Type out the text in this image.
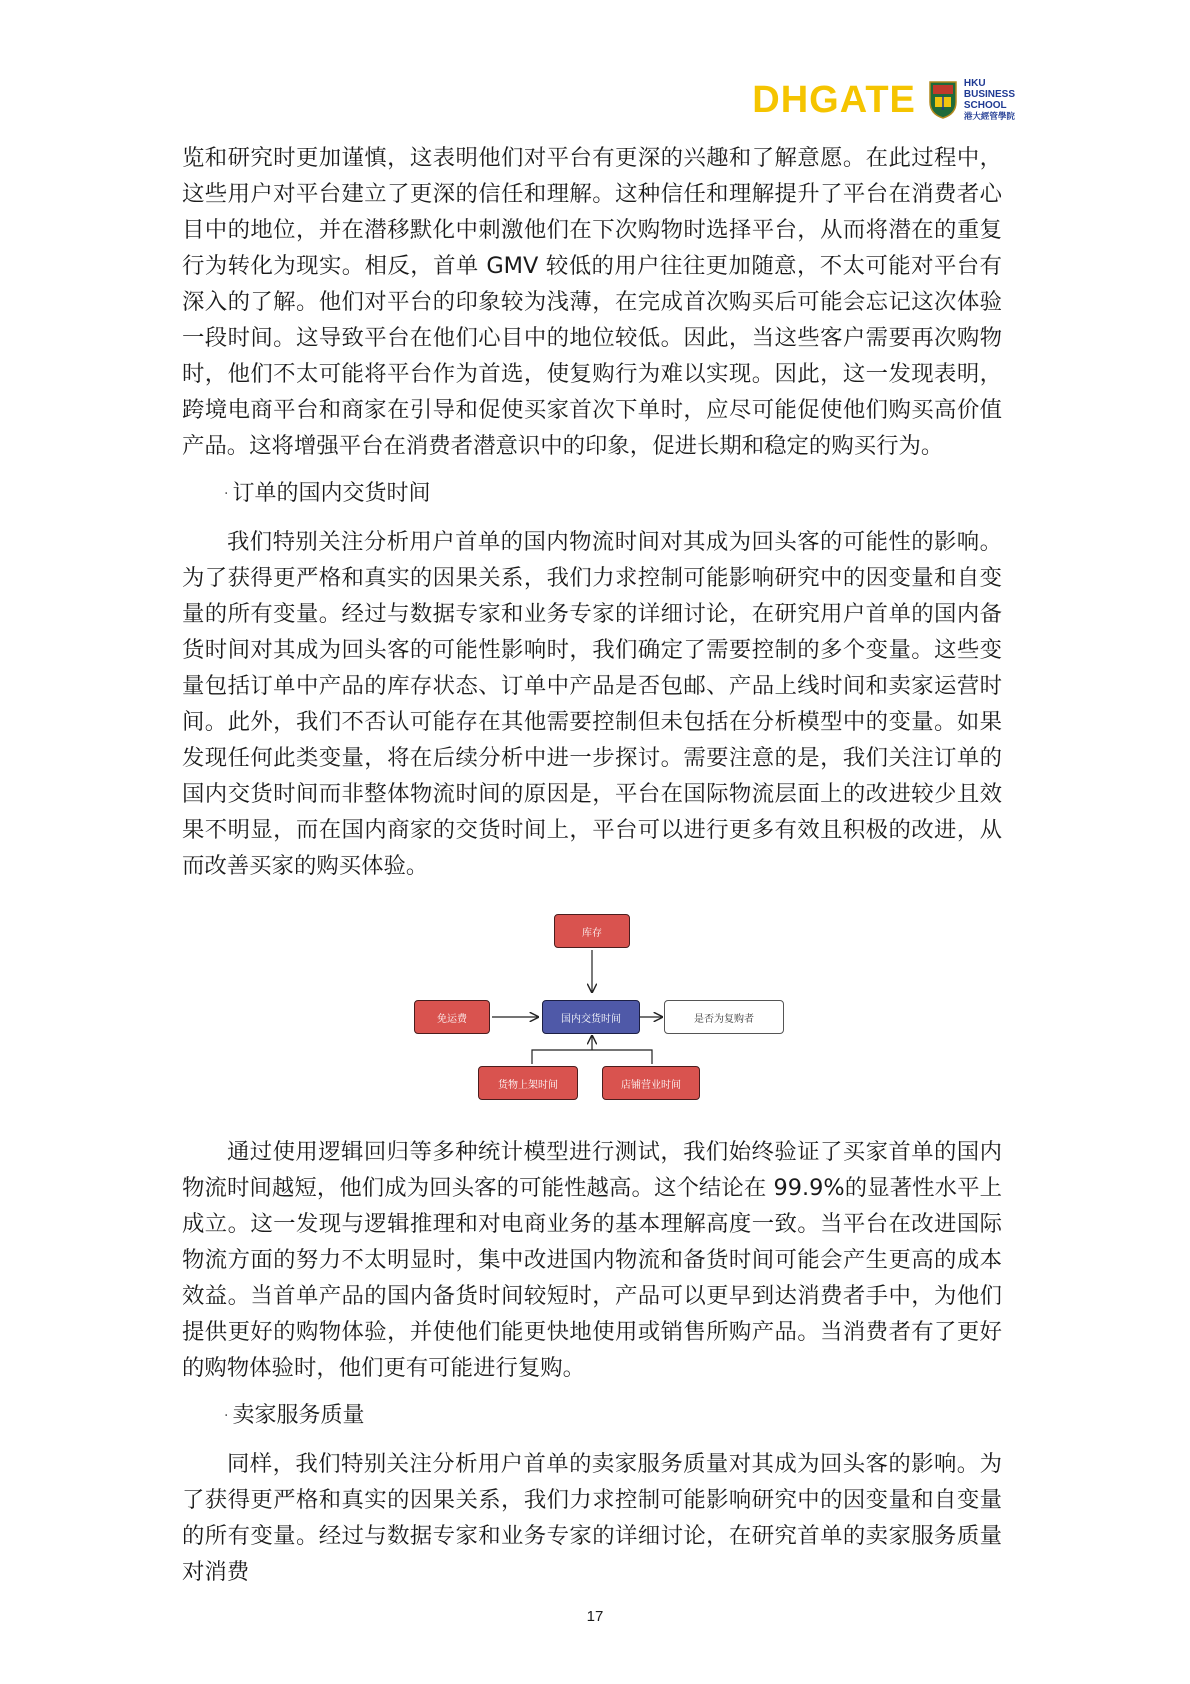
DHGATE	HKU
BUSINESS
SCHOOL
港大經管學院

览和研究时更加谨慎，这表明他们对平台有更深的兴趣和了解意愿。在此过程中，这些用户对平台建立了更深的信任和理解。这种信任和理解提升了平台在消费者心目中的地位，并在潜移默化中刺激他们在下次购物时选择平台，从而将潜在的重复行为转化为现实。相反，首单 GMV 较低的用户往往更加随意，不太可能对平台有深入的了解。他们对平台的印象较为浅薄，在完成首次购买后可能会忘记这次体验一段时间。这导致平台在他们心目中的地位较低。因此，当这些客户需要再次购物时，他们不太可能将平台作为首选，使复购行为难以实现。因此，这一发现表明，跨境电商平台和商家在引导和促使买家首次下单时，应尽可能促使他们购买高价值产品。这将增强平台在消费者潜意识中的印象，促进长期和稳定的购买行为。

· 订单的国内交货时间

我们特别关注分析用户首单的国内物流时间对其成为回头客的可能性的影响。为了获得更严格和真实的因果关系，我们力求控制可能影响研究中的因变量和自变量的所有变量。经过与数据专家和业务专家的详细讨论，在研究用户首单的国内备货时间对其成为回头客的可能性影响时，我们确定了需要控制的多个变量。这些变量包括订单中产品的库存状态、订单中产品是否包邮、产品上线时间和卖家运营时间。此外，我们不否认可能存在其他需要控制但未包括在分析模型中的变量。如果发现任何此类变量，将在后续分析中进一步探讨。需要注意的是，我们关注订单的国内交货时间而非整体物流时间的原因是，平台在国际物流层面上的改进较少且效果不明显，而在国内商家的交货时间上，平台可以进行更多有效且积极的改进，从而改善买家的购买体验。

库存
免运费	国内交货时间	是否为复购者
货物上架时间	店铺营业时间

通过使用逻辑回归等多种统计模型进行测试，我们始终验证了买家首单的国内物流时间越短，他们成为回头客的可能性越高。这个结论在 99.9%的显著性水平上成立。这一发现与逻辑推理和对电商业务的基本理解高度一致。当平台在改进国际物流方面的努力不太明显时，集中改进国内物流和备货时间可能会产生更高的成本效益。当首单产品的国内备货时间较短时，产品可以更早到达消费者手中，为他们提供更好的购物体验，并使他们能更快地使用或销售所购产品。当消费者有了更好的购物体验时，他们更有可能进行复购。

· 卖家服务质量

同样，我们特别关注分析用户首单的卖家服务质量对其成为回头客的影响。为了获得更严格和真实的因果关系，我们力求控制可能影响研究中的因变量和自变量的所有变量。经过与数据专家和业务专家的详细讨论，在研究首单的卖家服务质量对消费

17
